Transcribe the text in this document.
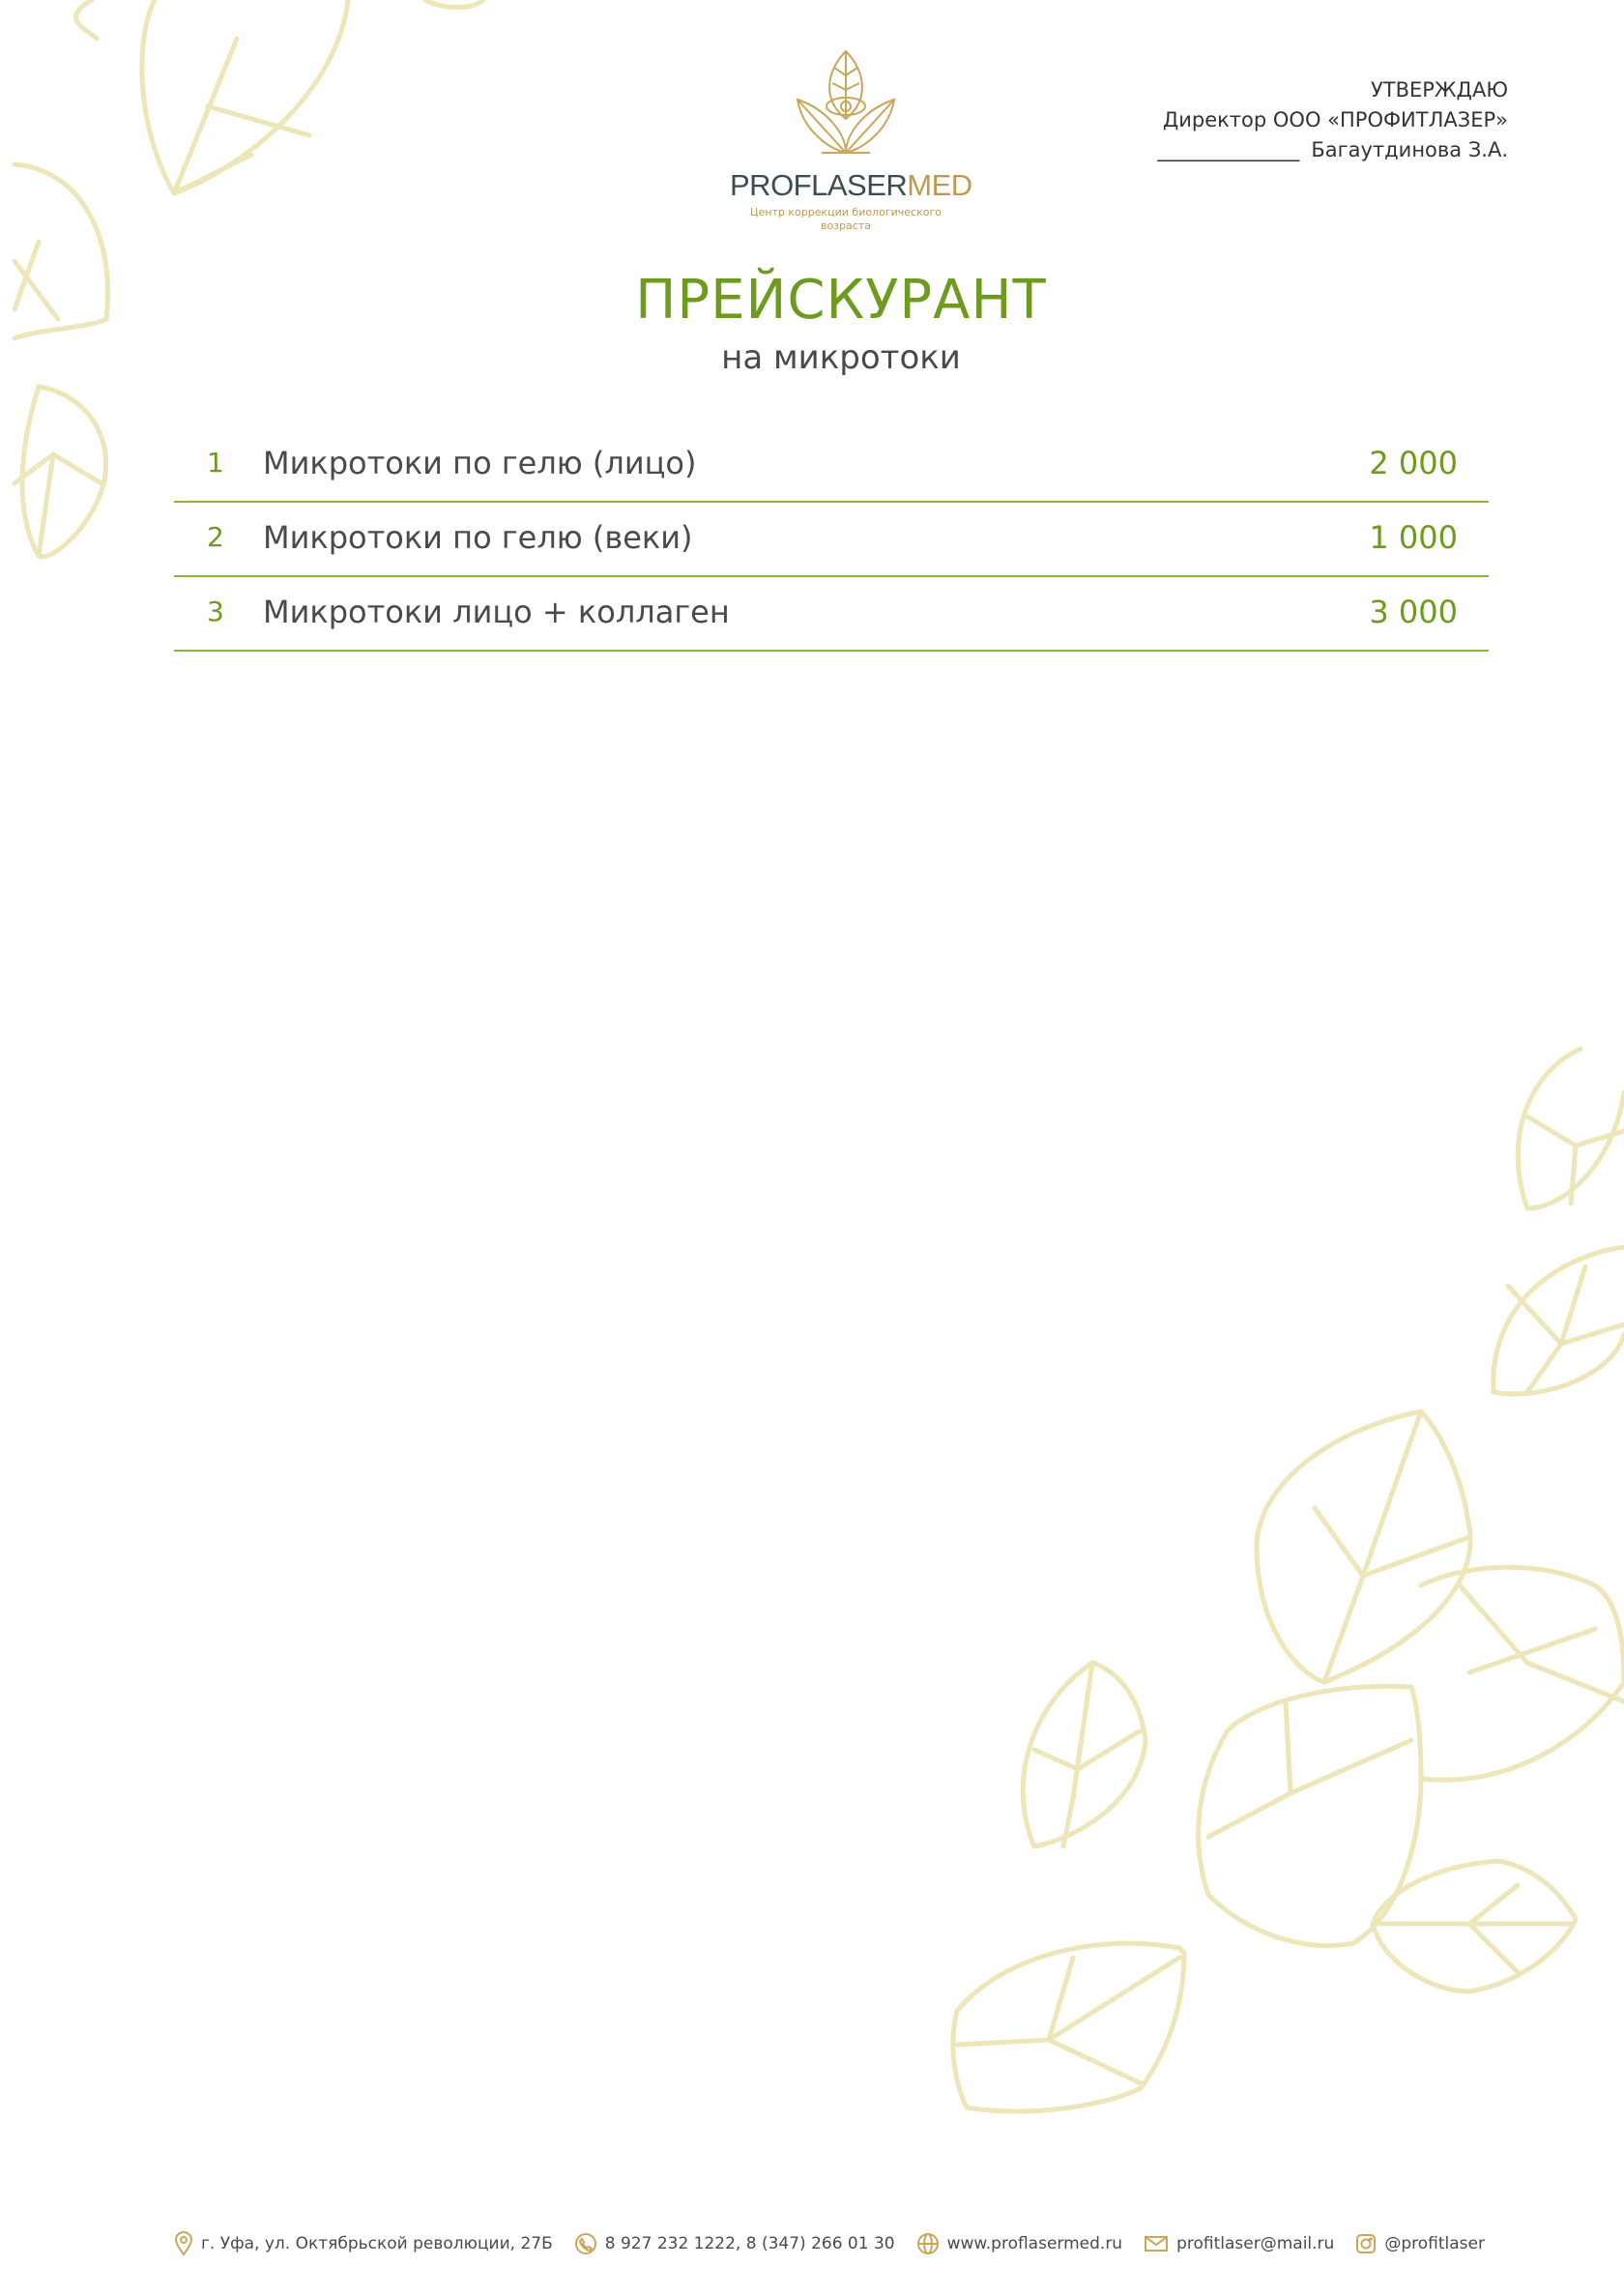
УТВЕРЖДАЮ
Директор ООО «ПРОФИТЛАЗЕР»
______________ Багаутдинова З.А.
PROFLASERMED
Центр коррекции биологического возраста
ПРЕЙСКУРАНТ
на микротоки
1 Микротоки по гелю (лицо)	2 000
2 Микротоки по гелю (веки)	1 000
3 Микротоки лицо + коллаген	3 000
г. Уфа, ул. Октябрьской революции, 27Б	8 927 232 1222, 8 (347) 266 01 30	www.proflasermed.ru	profitlaser@mail.ru	@profitlaser
